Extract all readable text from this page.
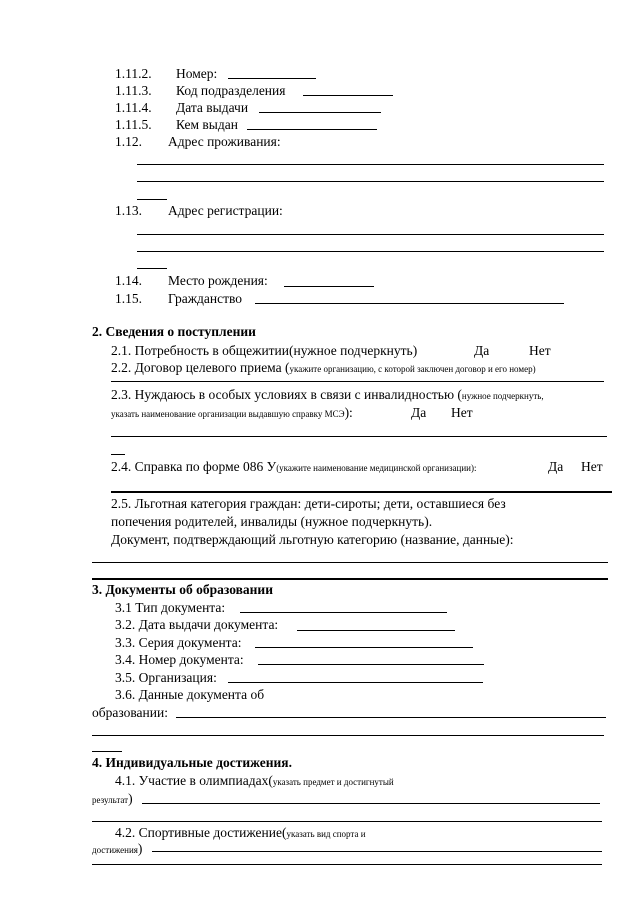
1.11.2. Номер:
1.11.3. Код подразделения
1.11.4. Дата выдачи
1.11.5. Кем выдан
1.12. Адрес проживания:
1.13. Адрес регистрации:
1.14. Место рождения:
1.15. Гражданство
2. Сведения о поступлении
2.1. Потребность в общежитии(нужное подчеркнуть)	Да	Нет
2.2. Договор целевого приема (укажите организацию, с которой заключен договор и его номер)
2.3. Нуждаюсь в особых условиях в связи с инвалидностью (нужное подчеркнуть,
указать наименование организации выдавшую справку МСЭ):	Да Нет
2.4. Справка по форме 086 У(укажите наименование медицинской организации):	Да Нет
2.5. Льготная категория граждан: дети-сироты; дети, оставшиеся без
попечения родителей, инвалиды (нужное подчеркнуть).
Документ, подтверждающий льготную категорию (название, данные):
3. Документы об образовании
3.1 Тип документа:
3.2. Дата выдачи документа:
3.3. Серия документа:
3.4. Номер документа:
3.5. Организация:
3.6. Данные документа об
образовании:
4. Индивидуальные достижения.
4.1. Участие в олимпиадах(указать предмет и достигнутый
результат)
4.2. Спортивные достижение(указать вид спорта и
достижения)
